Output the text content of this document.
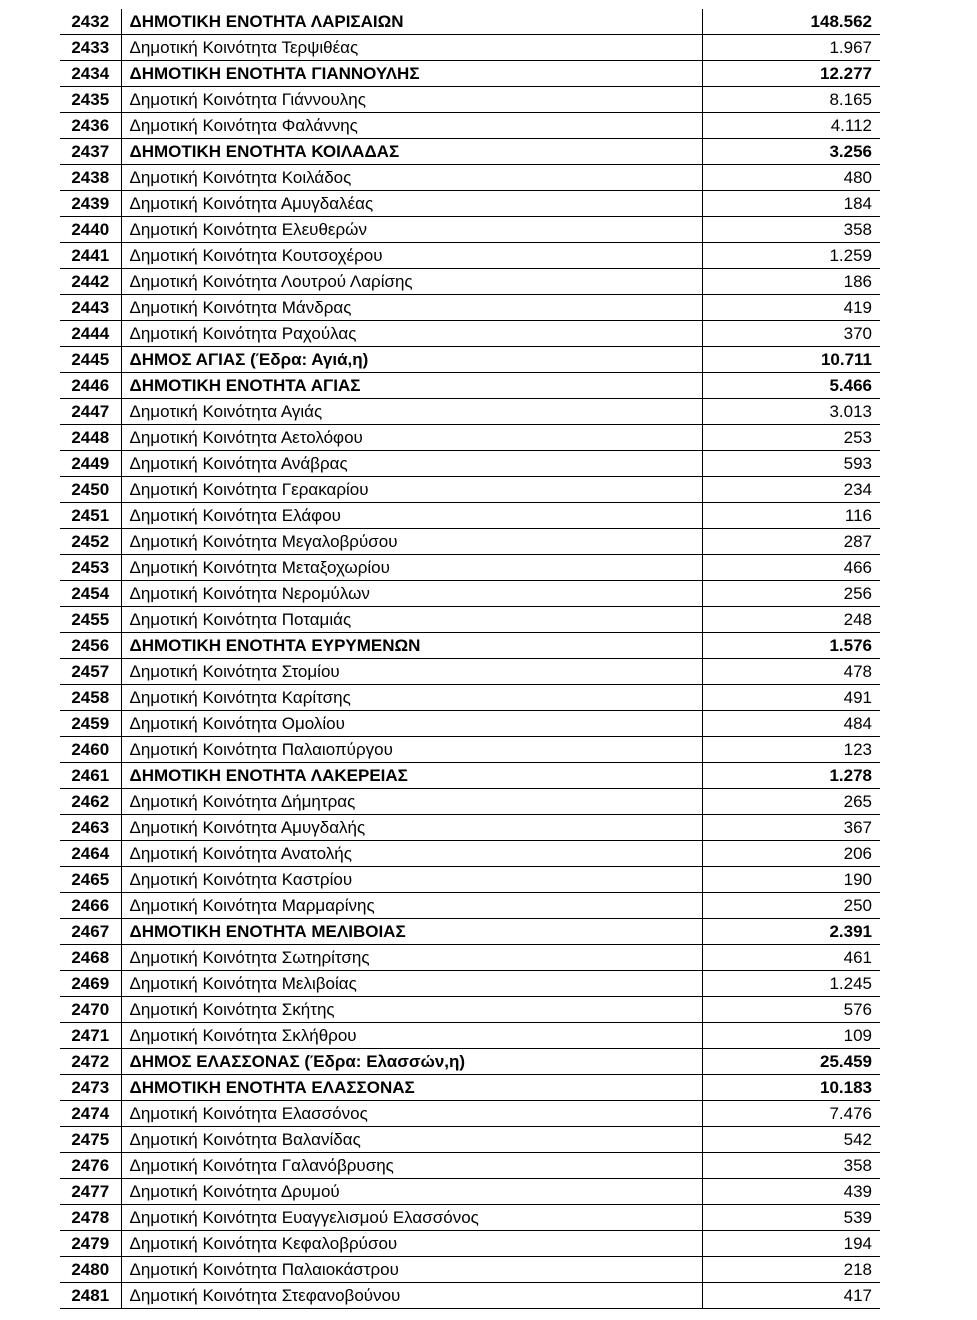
2432	ΔΗΜΟΤΙΚΗ ΕΝΟΤΗΤΑ ΛΑΡΙΣΑΙΩΝ	148.562
2433	Δημοτική Κοινότητα Τερψιθέας	1.967
2434	ΔΗΜΟΤΙΚΗ ΕΝΟΤΗΤΑ ΓΙΑΝΝΟΥΛΗΣ	12.277
2435	Δημοτική Κοινότητα Γιάννουλης	8.165
2436	Δημοτική Κοινότητα Φαλάννης	4.112
2437	ΔΗΜΟΤΙΚΗ ΕΝΟΤΗΤΑ ΚΟΙΛΑΔΑΣ	3.256
2438	Δημοτική Κοινότητα Κοιλάδος	480
2439	Δημοτική Κοινότητα Αμυγδαλέας	184
2440	Δημοτική Κοινότητα Ελευθερών	358
2441	Δημοτική Κοινότητα Κουτσοχέρου	1.259
2442	Δημοτική Κοινότητα Λουτρού Λαρίσης	186
2443	Δημοτική Κοινότητα Μάνδρας	419
2444	Δημοτική Κοινότητα Ραχούλας	370
2445	ΔΗΜΟΣ ΑΓΙΑΣ (Έδρα: Αγιά,η)	10.711
2446	ΔΗΜΟΤΙΚΗ ΕΝΟΤΗΤΑ ΑΓΙΑΣ	5.466
2447	Δημοτική Κοινότητα Αγιάς	3.013
2448	Δημοτική Κοινότητα Αετολόφου	253
2449	Δημοτική Κοινότητα Ανάβρας	593
2450	Δημοτική Κοινότητα Γερακαρίου	234
2451	Δημοτική Κοινότητα Ελάφου	116
2452	Δημοτική Κοινότητα Μεγαλοβρύσου	287
2453	Δημοτική Κοινότητα Μεταξοχωρίου	466
2454	Δημοτική Κοινότητα Νερομύλων	256
2455	Δημοτική Κοινότητα Ποταμιάς	248
2456	ΔΗΜΟΤΙΚΗ ΕΝΟΤΗΤΑ ΕΥΡΥΜΕΝΩΝ	1.576
2457	Δημοτική Κοινότητα Στομίου	478
2458	Δημοτική Κοινότητα Καρίτσης	491
2459	Δημοτική Κοινότητα Ομολίου	484
2460	Δημοτική Κοινότητα Παλαιοπύργου	123
2461	ΔΗΜΟΤΙΚΗ ΕΝΟΤΗΤΑ ΛΑΚΕΡΕΙΑΣ	1.278
2462	Δημοτική Κοινότητα Δήμητρας	265
2463	Δημοτική Κοινότητα Αμυγδαλής	367
2464	Δημοτική Κοινότητα Ανατολής	206
2465	Δημοτική Κοινότητα Καστρίου	190
2466	Δημοτική Κοινότητα Μαρμαρίνης	250
2467	ΔΗΜΟΤΙΚΗ ΕΝΟΤΗΤΑ ΜΕΛΙΒΟΙΑΣ	2.391
2468	Δημοτική Κοινότητα Σωτηρίτσης	461
2469	Δημοτική Κοινότητα Μελιβοίας	1.245
2470	Δημοτική Κοινότητα Σκήτης	576
2471	Δημοτική Κοινότητα Σκλήθρου	109
2472	ΔΗΜΟΣ ΕΛΑΣΣΟΝΑΣ (Έδρα: Ελασσών,η)	25.459
2473	ΔΗΜΟΤΙΚΗ ΕΝΟΤΗΤΑ ΕΛΑΣΣΟΝΑΣ	10.183
2474	Δημοτική Κοινότητα Ελασσόνος	7.476
2475	Δημοτική Κοινότητα Βαλανίδας	542
2476	Δημοτική Κοινότητα Γαλανόβρυσης	358
2477	Δημοτική Κοινότητα Δρυμού	439
2478	Δημοτική Κοινότητα Ευαγγελισμού Ελασσόνος	539
2479	Δημοτική Κοινότητα Κεφαλοβρύσου	194
2480	Δημοτική Κοινότητα Παλαιοκάστρου	218
2481	Δημοτική Κοινότητα Στεφανοβούνου	417
